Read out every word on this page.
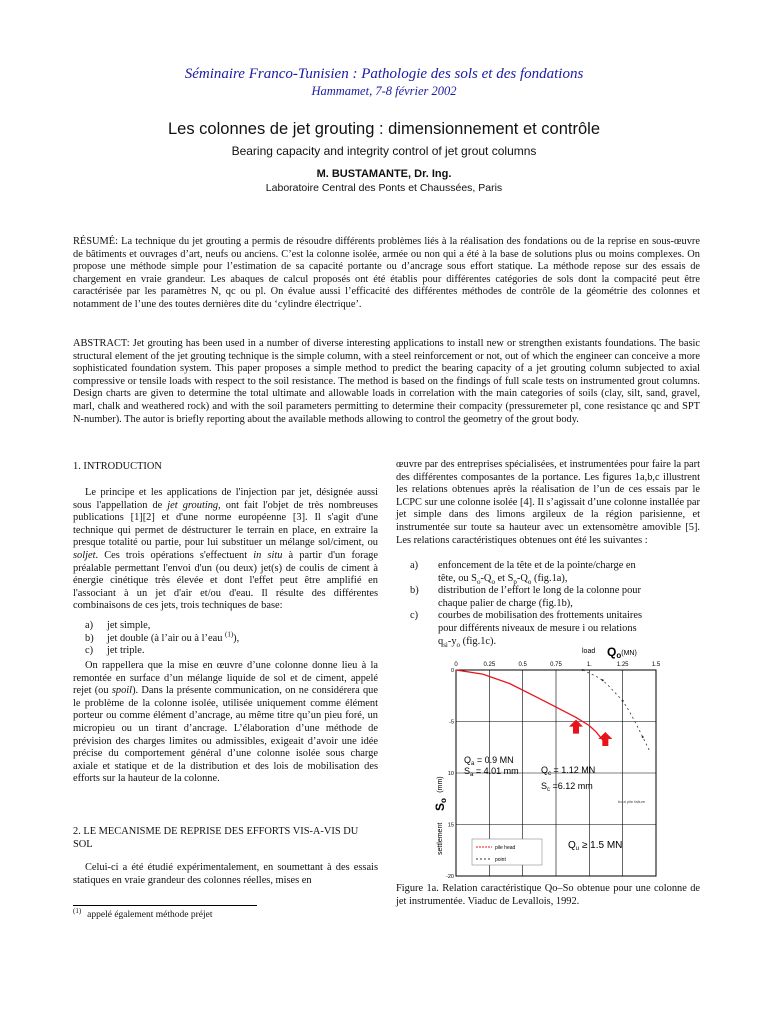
Séminaire Franco-Tunisien : Pathologie des sols et des fondations
Hammamet, 7-8 février 2002
Les colonnes de jet grouting : dimensionnement et contrôle
Bearing capacity and integrity control of jet grout columns
M. BUSTAMANTE, Dr. Ing.
Laboratoire Central des Ponts et Chaussées, Paris

RÉSUMÉ: La technique du jet grouting a permis de résoudre différents problèmes liés à la réalisation des fondations ou de la reprise en sous-œuvre de bâtiments et ouvrages d’art, neufs ou anciens. C’est la colonne isolée, armée ou non qui a été à la base de solutions plus ou moins complexes. On propose une méthode simple pour l’estimation de sa capacité portante ou d’ancrage sous effort statique. La méthode repose sur des essais de chargement en vraie grandeur. Les abaques de calcul proposés ont été établis pour différentes catégories de sols dont la compacité peut être caractérisée par les paramètres N, qc ou pl. On évalue aussi l’efficacité des différentes méthodes de contrôle de la géométrie des colonnes et notamment de l’une des toutes dernières dite du ‘cylindre électrique’.

ABSTRACT: Jet grouting has been used in a number of diverse interesting applications to install new or strengthen existants foundations. The basic structural element of the jet grouting technique is the simple column, with a steel reinforcement or not, out of which the engineer can conceive a more sophisticated foundation system. This paper proposes a simple method to predict the bearing capacity of a jet grouting column subjected to axial compressive or tensile loads with respect to the soil resistance. The method is based on the findings of full scale tests on instrumented grout columns. Design charts are given to determine the total ultimate and allowable loads in correlation with the main categories of soils (clay, silt, sand, gravel, marl, chalk and weathered rock) and with the soil parameters permitting to determine their compacity (pressuremeter pl, cone resistance qc and SPT N-number). The autor is briefly reporting about the available methods allowing to control the geometry of the grout body.

1. INTRODUCTION

Le principe et les applications de l'injection par jet, désignée aussi sous l'appellation de jet grouting, ont fait l'objet de très nombreuses publications [1][2] et d'une norme européenne [3]. Il s'agit d'une technique qui permet de déstructurer le terrain en place, en extraire la presque totalité ou partie, pour lui substituer un mélange sol/ciment, ou soljet. Ces trois opérations s'effectuent in situ à partir d'un forage préalable permettant l'envoi d'un (ou deux) jet(s) de coulis de ciment à énergie cinétique très élevée et dont l'effet peut être amplifié en l'associant à un jet d'air et/ou d'eau. Il résulte des différentes combinaisons de ces jets, trois techniques de base:

a)	jet simple,
b)	jet double (à l’air ou à l’eau $^{(1)}$),
c)	jet triple.

On rappellera que la mise en œuvre d’une colonne donne lieu à la remontée en surface d’un mélange liquide de sol et de ciment, appelé rejet (ou spoil). Dans la présente communication, on ne considérera que le problème de la colonne isolée, utilisée uniquement comme élément porteur ou comme élément d’ancrage, au même titre qu’un pieu foré, un micropieu ou un tirant d’ancrage. L’élaboration d’une méthode de prévision des charges limites ou admissibles, exigeait d’avoir une idée précise du comportement général d’une colonne isolée sous charge axiale et statique et de la distribution et des lois de mobilisation des efforts sur la hauteur de la colonne.

2. LE MECANISME DE REPRISE DES EFFORTS VIS-A-VIS DU SOL

Celui-ci a été étudié expérimentalement, en soumettant à des essais statiques en vraie grandeur des colonnes réelles, mises en

$^{(1)}$ appelé également méthode préjet

œuvre par des entreprises spécialisées, et instrumentées pour faire la part des différentes composantes de la portance. Les figures 1a,b,c illustrent les relations obtenues après la réalisation de l’un de ces essais par le LCPC sur une colonne isolée [4]. Il s’agissait d’une colonne installée par jet simple dans des limons argileux de la région parisienne, et instrumentée sur toute sa hauteur avec un extensomètre amovible [5]. Les relations caractéristiques obtenues ont été les suivantes :

a)	enfoncement de la tête et de la pointe/charge en
tête, ou $S_o-Q_o$ et $S_p-Q_o$ (fig.1a),
b)	distribution de l’effort le long de la colonne pour
chaque palier de charge (fig.1b),
c)	courbes de mobilisation des frottements unitaires
pour différents niveaux de mesure i ou relations
$q_{si}-y_o$ (fig.1c).
load $Qo^{(MN)}$
0	0.25	0.5	0.75	1.	1.25	1.5
0
-5
10
15
-20
settlement(mm)
So
$Q_a = 0.9$ MN
$S_a = 4.01$ mm $Q_c = 1.12$ MN
$S_c =6.12$ mm
bout pile failure
$Q_u \ge 1.5$ MN
pile head
point

Figure 1a. Relation caractéristique Qo–So obtenue pour une colonne de jet instrumentée. Viaduc de Levallois, 1992.
